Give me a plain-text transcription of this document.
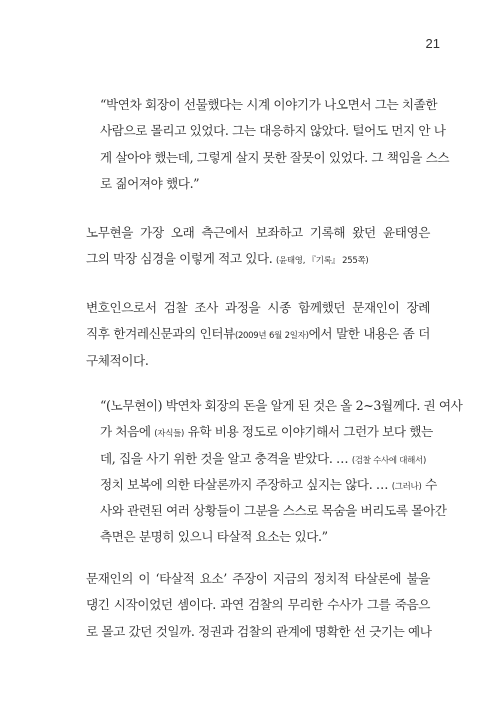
21
“박연차 회장이 선물했다는 시계 이야기가 나오면서 그는 치졸한
사람으로 몰리고 있었다. 그는 대응하지 않았다. 털어도 먼지 안 나
게 살아야 했는데, 그렇게 살지 못한 잘못이 있었다. 그 책임을 스스
로 짊어져야 했다.”
노무현을 가장 오래 측근에서 보좌하고 기록해 왔던 윤태영은
그의 막장 심경을 이렇게 적고 있다. (윤태영, 『기록』 255쪽)
변호인으로서 검찰 조사 과정을 시종 함께했던 문재인이 장례
직후 한겨레신문과의 인터뷰(2009년 6월 2일자)에서 말한 내용은 좀 더
구체적이다.
“(노무현이) 박연차 회장의 돈을 알게 된 것은 올 2~3월께다. 권 여사
가 처음에 (자식들) 유학 비용 정도로 이야기해서 그런가 보다 했는
데, 집을 사기 위한 것을 알고 충격을 받았다. … (검찰 수사에 대해서)
정치 보복에 의한 타살론까지 주장하고 싶지는 않다. … (그러나) 수
사와 관련된 여러 상황들이 그분을 스스로 목숨을 버리도록 몰아간
측면은 분명히 있으니 타살적 요소는 있다.”
문재인의 이 ‘타살적 요소’ 주장이 지금의 정치적 타살론에 불을
댕긴 시작이었던 셈이다. 과연 검찰의 무리한 수사가 그를 죽음으
로 몰고 갔던 것일까. 정권과 검찰의 관계에 명확한 선 긋기는 예나
